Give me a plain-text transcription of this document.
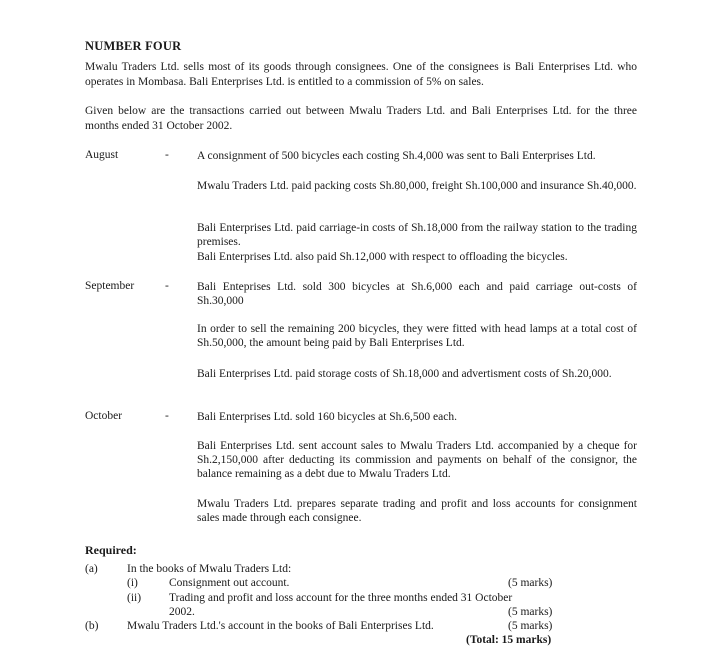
NUMBER FOUR
Mwalu Traders Ltd. sells most of its goods through consignees. One of the consignees is Bali Enterprises Ltd. who operates in Mombasa. Bali Enterprises Ltd. is entitled to a commission of 5% on sales.
Given below are the transactions carried out between Mwalu Traders Ltd. and Bali Enterprises Ltd. for the three months ended 31 October 2002.
August	- A consignment of 500 bicycles each costing Sh.4,000 was sent to Bali Enterprises Ltd.
Mwalu Traders Ltd. paid packing costs Sh.80,000, freight Sh.100,000 and insurance Sh.40,000.
Bali Enterprises Ltd. paid carriage-in costs of Sh.18,000 from the railway station to the trading premises.
Bali Enterprises Ltd. also paid Sh.12,000 with respect to offloading the bicycles.
September	- Bali Enteprises Ltd. sold 300 bicycles at Sh.6,000 each and paid carriage out-costs of Sh.30,000
In order to sell the remaining 200 bicycles, they were fitted with head lamps at a total cost of Sh.50,000, the amount being paid by Bali Enterprises Ltd.
Bali Enterprises Ltd. paid storage costs of Sh.18,000 and advertisment costs of Sh.20,000.
October	- Bali Enterprises Ltd. sold 160 bicycles at Sh.6,500 each.
Bali Enterprises Ltd. sent account sales to Mwalu Traders Ltd. accompanied by a cheque for Sh.2,150,000 after deducting its commission and payments on behalf of the consignor, the balance remaining as a debt due to Mwalu Traders Ltd.
Mwalu Traders Ltd. prepares separate trading and profit and loss accounts for consignment sales made through each consignee.
Required:
(a)	In the books of Mwalu Traders Ltd:
(i)	Consignment out account.	(5 marks)
(ii) Trading and profit and loss account for the three months ended 31 October
2002.	(5 marks)
(b) Mwalu Traders Ltd.'s account in the books of Bali Enterprises Ltd.	(5 marks)
(Total: 15 marks)
